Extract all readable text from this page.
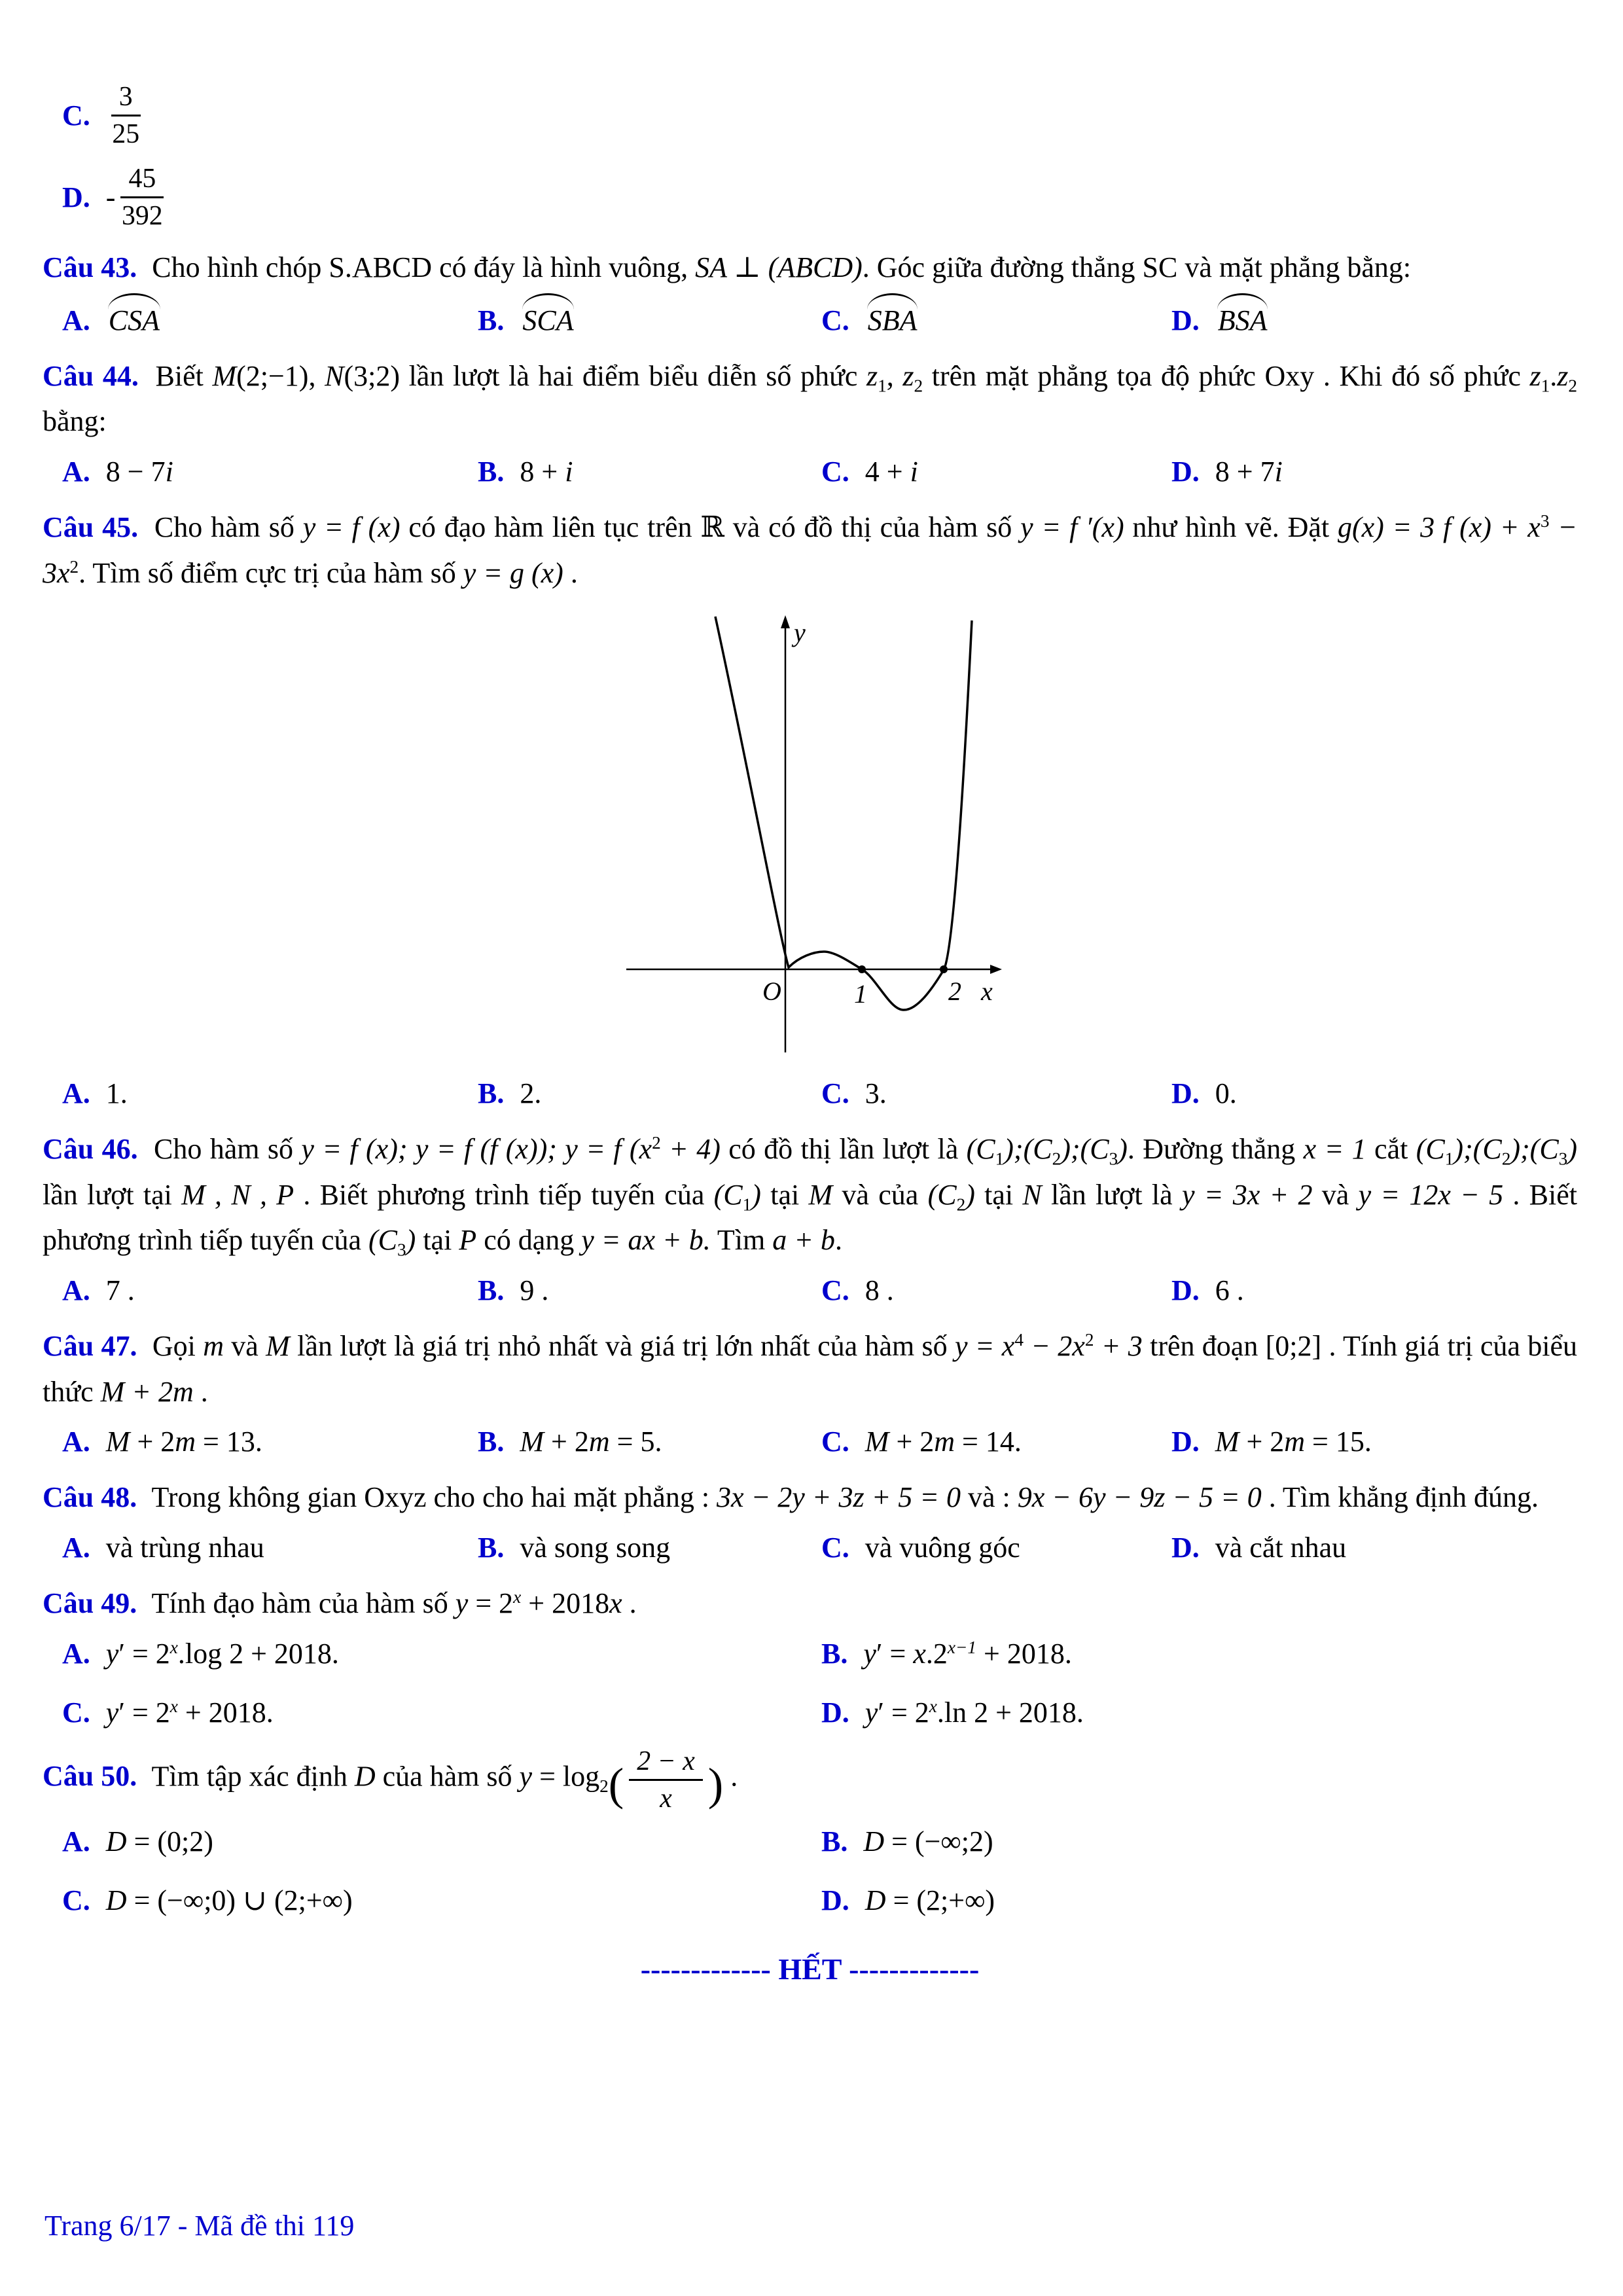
C. $\frac{3}{25}$
D. - $\frac{45}{392}$

Câu 43. Cho hình chóp S.ABCD có đáy là hình vuông, SA ⊥ (ABCD). Góc giữa đường thẳng SC và mặt phẳng bằng:

A. CSA	B. SCA	C. SBA	D. BSA

Câu 44. Biết M(2;−1), N(3;2) lần lượt là hai điểm biểu diễn số phức $z_1$, $z_2$ trên mặt phẳng tọa độ phức Oxy . Khi đó số phức $z_1.z_2$ bằng:

A. 8 − 7i	B. 8 + i	C. 4 + i	D. 8 + 7i

Câu 45. Cho hàm số y = f (x) có đạo hàm liên tục trên ℝ và có đồ thị của hàm số y = f ′(x) như hình vẽ. Đặt g(x) = 3 f $(x) + x^3 - 3x^2$. Tìm số điểm cực trị của hàm số y = g (x) .

y
x
O	1	2
A. 1.	B. 2.	C. 3.	D. 0.

Câu 46. Cho hàm số y = f (x); y = f (f (x)); y = f $(x^2 + 4)$ có đồ thị lần lượt là $(C_1);(C_2);(C_3)$. Đường thẳng x = 1 cắt $(C_1);(C_2);(C_3)$ lần lượt tại M , N , P . Biết phương trình tiếp tuyến của $(C_1)$ tại M và của $(C_2)$ tại N lần lượt là y = 3x + 2 và y = 12x − 5 . Biết phương trình tiếp tuyến của $(C_3)$ tại P có dạng y = ax + b. Tìm a + b.

A. 7 .	B. 9 .	C. 8 .	D. 6 .

Câu 47. Gọi m và M lần lượt là giá trị nhỏ nhất và giá trị lớn nhất của hàm số $y = x^4 - 2x^2 + 3$ trên đoạn [0;2] . Tính giá trị của biểu thức M + 2m .

A. M + 2m = 13.	B. M + 2m = 5.	C. M + 2m = 14.	D. M + 2m = 15.

Câu 48. Trong không gian Oxyz cho cho hai mặt phẳng : 3x − 2y + 3z + 5 = 0 và : 9x − 6y − 9z − 5 = 0 . Tìm khẳng định đúng.

A. và trùng nhau	B. và song song	C. và vuông góc	D. và cắt nhau

Câu 49. Tính đạo hàm của hàm số $y = 2^x + 2018x$ .

A. $y' = 2^x.\log$ 2 + 2018.	B. $y' = x.2^{x-1} + 2018$.
C. $y' = 2^x + 2018$.	D. $y' = 2^x.\ln$ 2 + 2018.

Câu 50. Tìm tập xác định D của hàm số $y = \log_2( \frac{2 - x}{x}$ ) .

A. D = (0;2)	B. D = (−∞;2)
C. D = (−∞;0) ∪ (2;+∞)	D. D = (2;+∞)
------------- HẾT -------------
Trang 6/17 - Mã đề thi 119
